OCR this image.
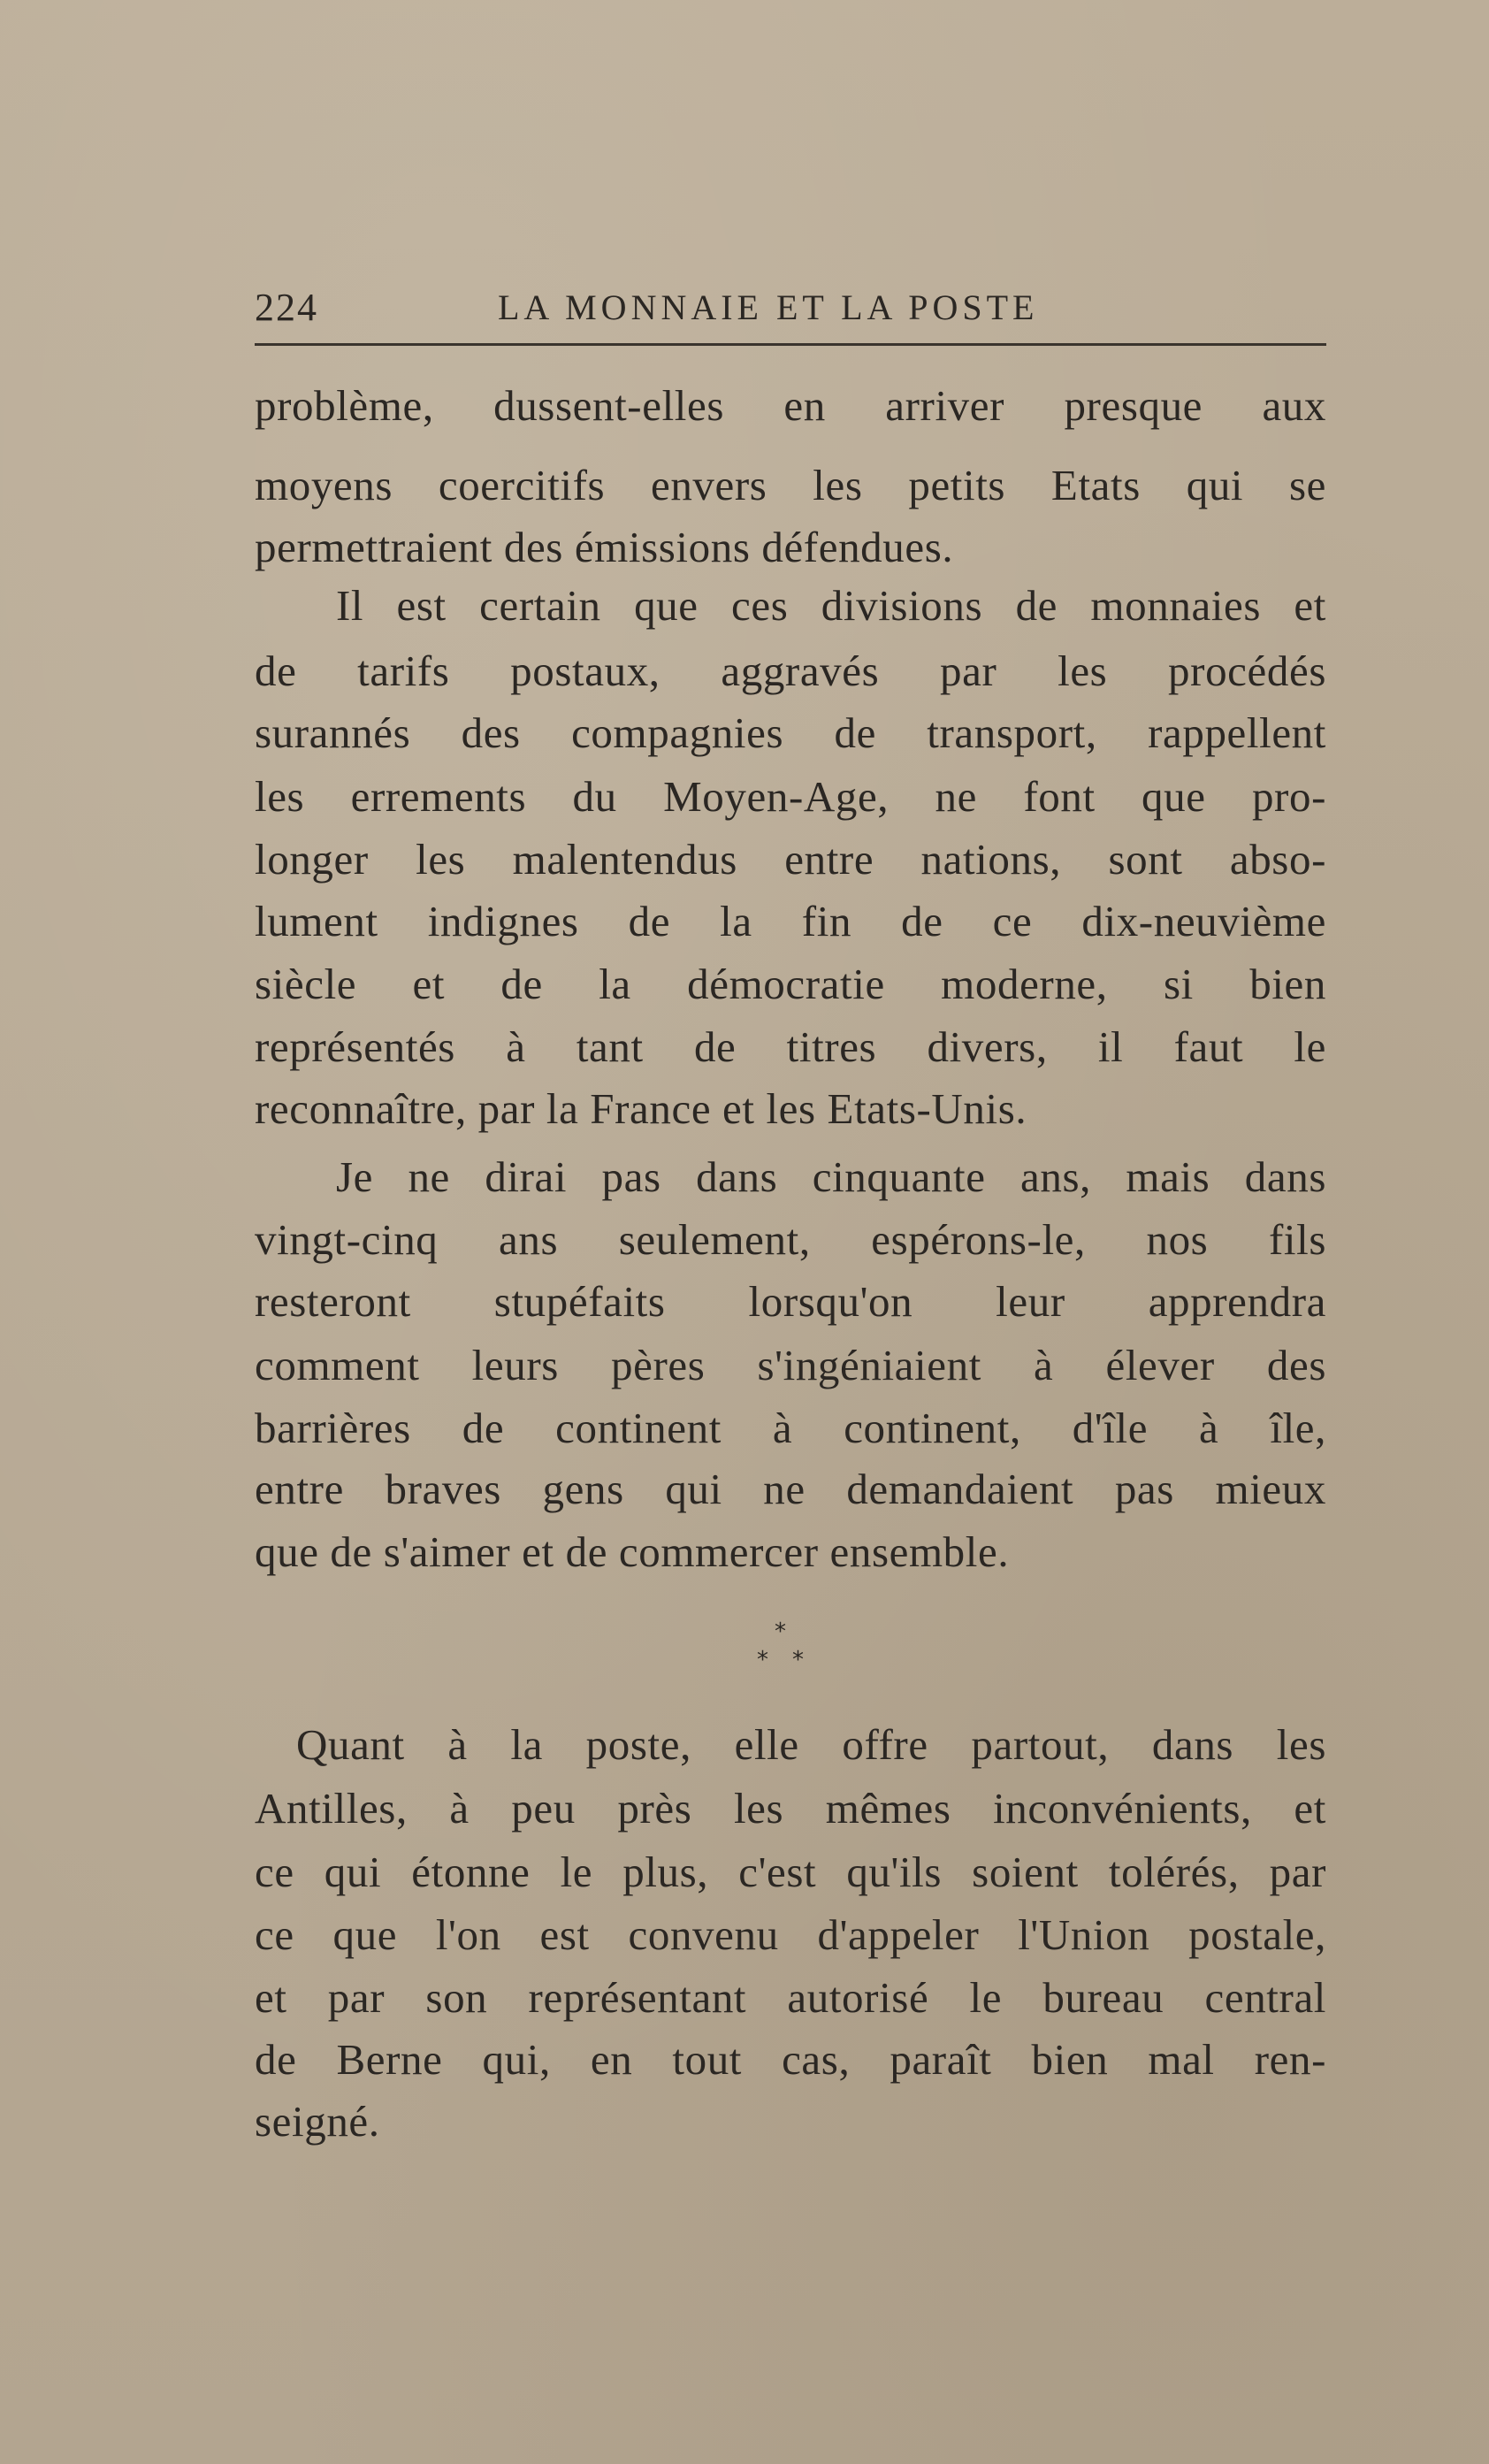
224	LA MONNAIE ET LA POSTE
problème, dussent-elles en arriver presque aux
moyens coercitifs envers les petits Etats qui se
permettraient des émissions défendues.
Il est certain que ces divisions de monnaies et
de tarifs postaux, aggravés par les procédés
surannés des compagnies de transport, rappellent
les errements du Moyen-Age, ne font que pro-
longer les malentendus entre nations, sont abso-
lument indignes de la fin de ce dix-neuvième
siècle et de la démocratie moderne, si bien
représentés à tant de titres divers, il faut le
reconnaître, par la France et les Etats-Unis.
Je ne dirai pas dans cinquante ans, mais dans
vingt-cinq ans seulement, espérons-le, nos fils
resteront stupéfaits lorsqu'on leur apprendra
comment leurs pères s'ingéniaient à élever des
barrières de continent à continent, d'île à île,
entre braves gens qui ne demandaient pas mieux
que de s'aimer et de commercer ensemble.
*
* *
Quant à la poste, elle offre partout, dans les
Antilles, à peu près les mêmes inconvénients, et
ce qui étonne le plus, c'est qu'ils soient tolérés, par
ce que l'on est convenu d'appeler l'Union postale,
et par son représentant autorisé le bureau central
de Berne qui, en tout cas, paraît bien mal ren-
seigné.
